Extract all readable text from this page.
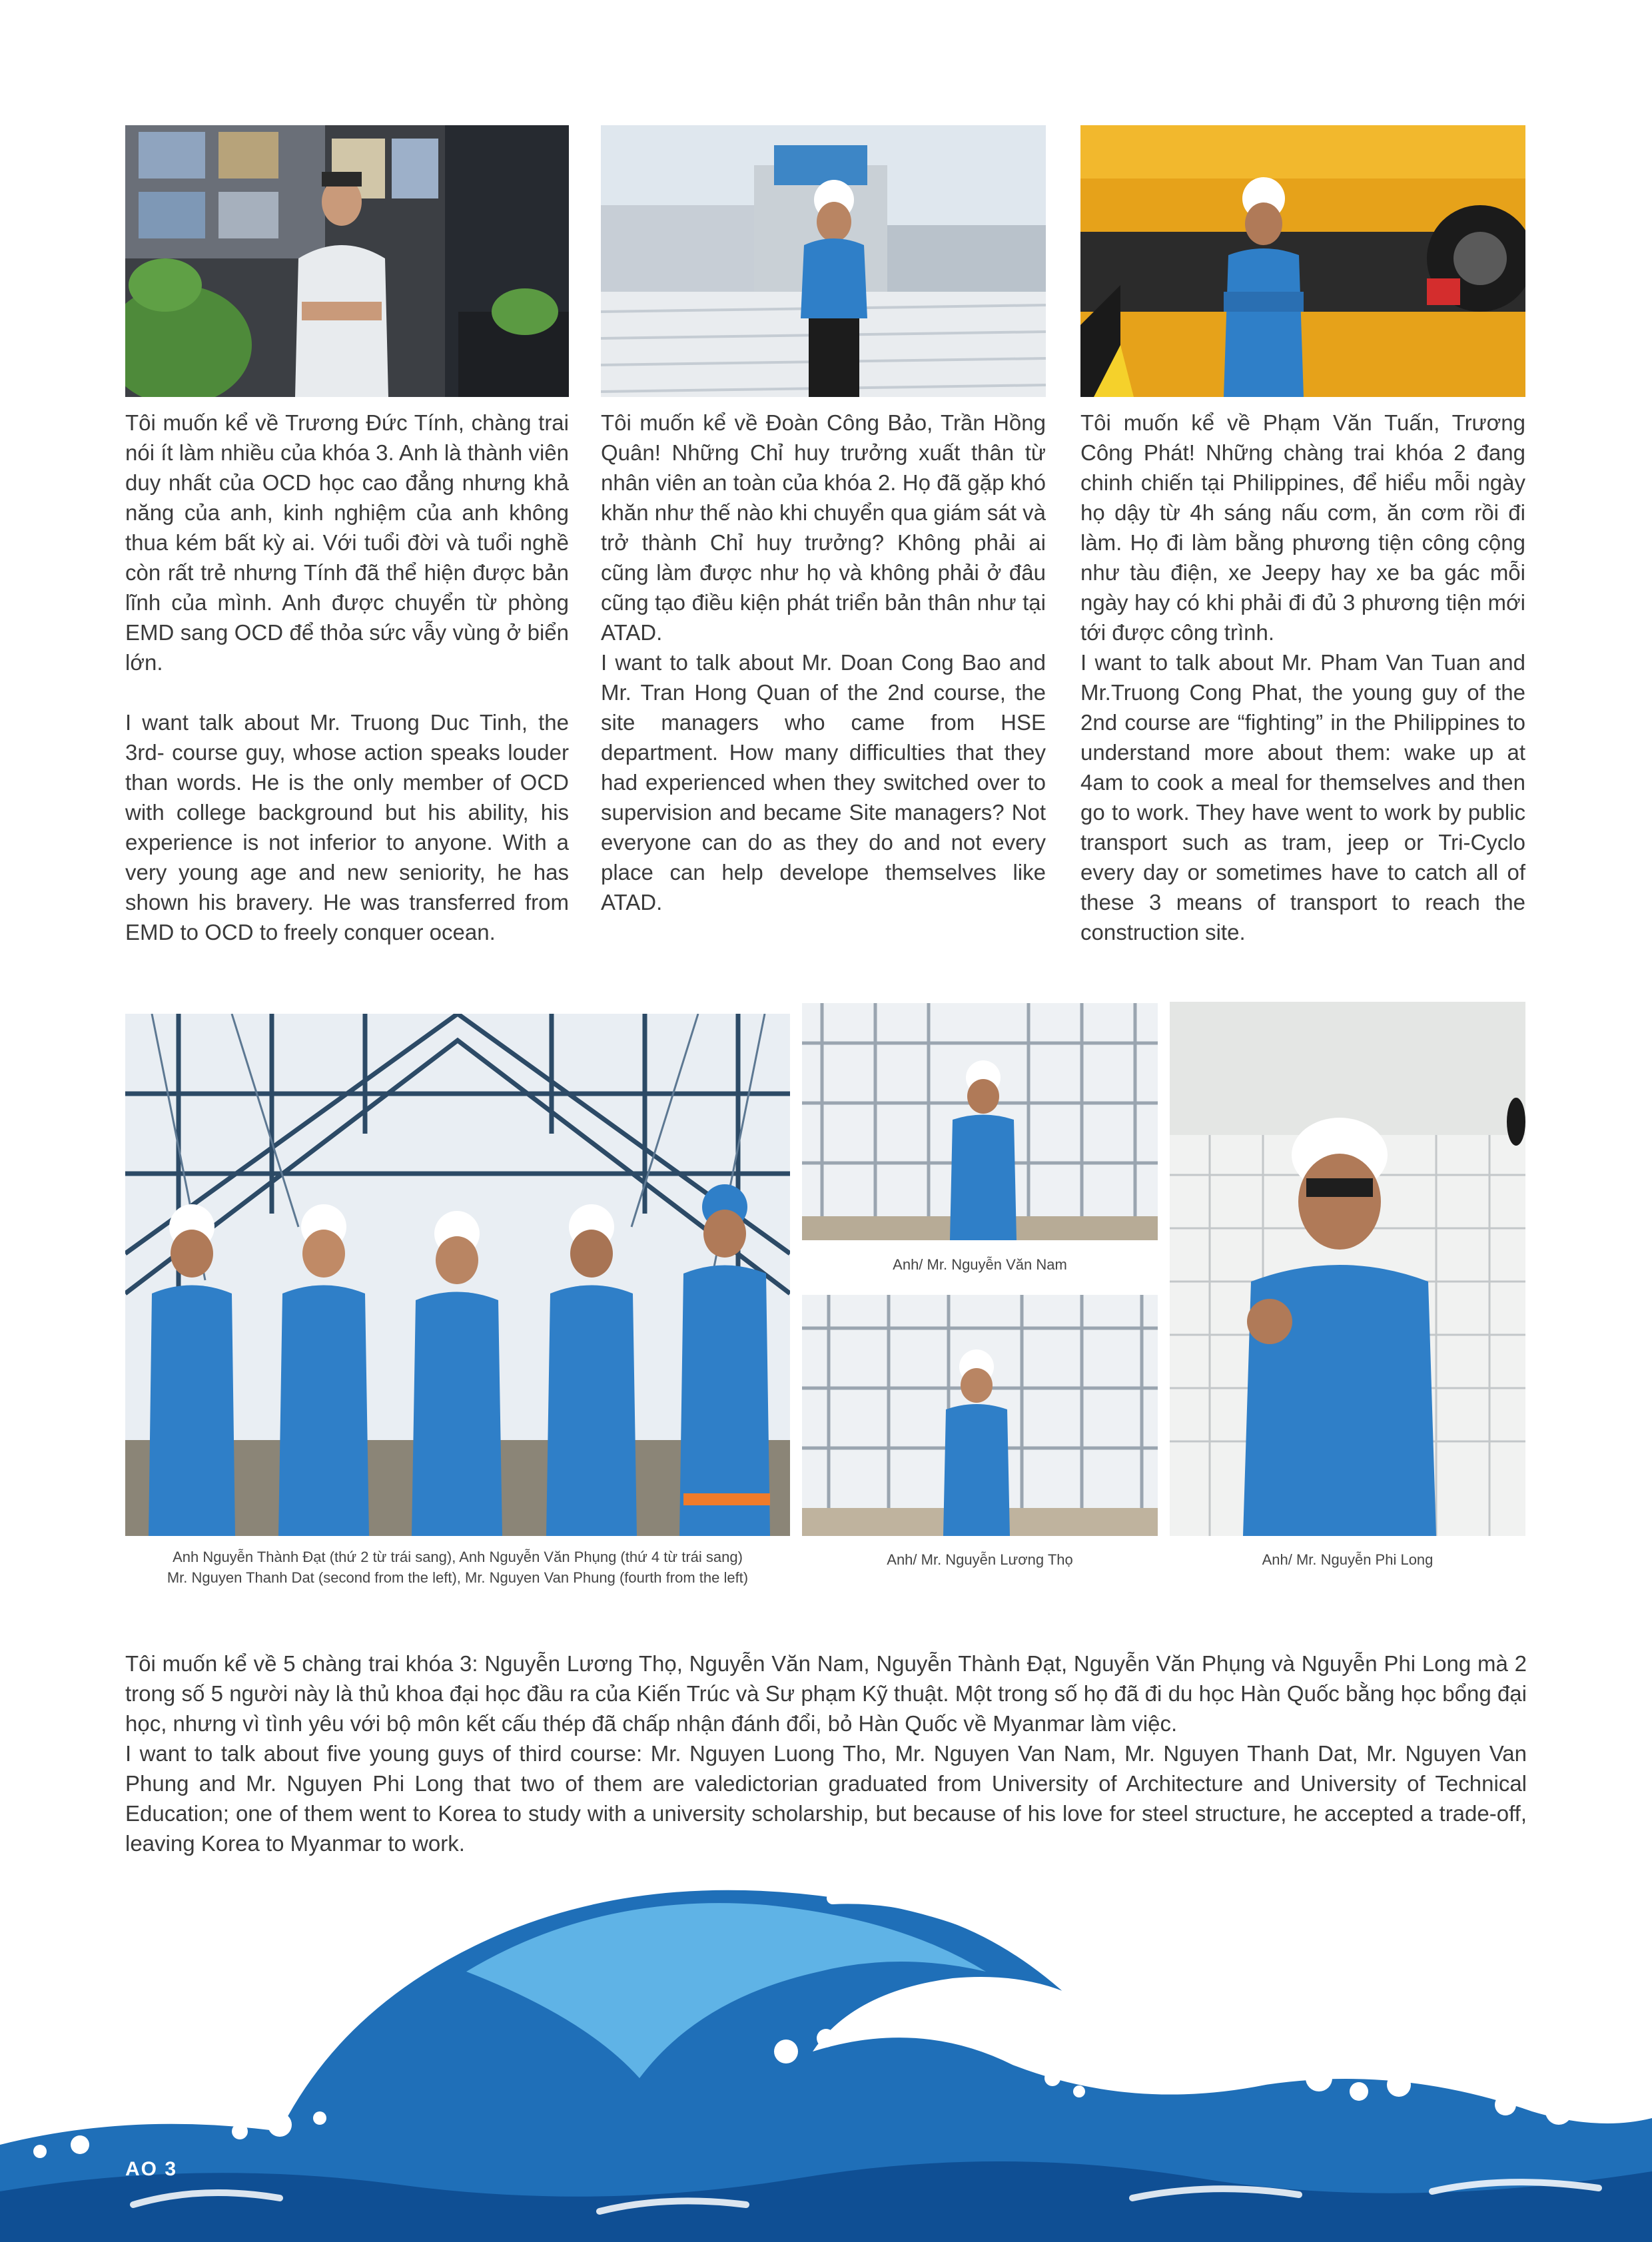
Tôi muốn kể về Trương Đức Tính, chàng trai nói ít làm nhiều của khóa 3. Anh là thành viên duy nhất của OCD học cao đẳng nhưng khả năng của anh, kinh nghiệm của anh không thua kém bất kỳ ai. Với tuổi đời và tuổi nghề còn rất trẻ nhưng Tính đã thể hiện được bản lĩnh của mình. Anh được chuyển từ phòng EMD sang OCD để thỏa sức vẫy vùng ở biển lớn.

I want talk about Mr. Truong Duc Tinh, the 3rd- course guy, whose action speaks louder than words. He is the only member of OCD with college background but his ability, his experience is not inferior to anyone. With a very young age and new seniority, he has shown his bravery. He was transferred from EMD to OCD to freely conquer ocean.

Tôi muốn kể về Đoàn Công Bảo, Trần Hồng Quân! Những Chỉ huy trưởng xuất thân từ nhân viên an toàn của khóa 2. Họ đã gặp khó khăn như thế nào khi chuyển qua giám sát và trở thành Chỉ huy trưởng? Không phải ai cũng làm được như họ và không phải ở đâu cũng tạo điều kiện phát triển bản thân như tại ATAD.

I want to talk about Mr. Doan Cong Bao and Mr. Tran Hong Quan of the 2nd course, the site managers who came from HSE department. How many difficulties that they had experienced when they switched over to supervision and became Site managers? Not everyone can do as they do and not every place can help develope themselves like ATAD.

Tôi muốn kể về Phạm Văn Tuấn, Trương Công Phát! Những chàng trai khóa 2 đang chinh chiến tại Philippines, để hiểu mỗi ngày họ dậy từ 4h sáng nấu cơm, ăn cơm rồi đi làm. Họ đi làm bằng phương tiện công cộng như tàu điện, xe Jeepy hay xe ba gác mỗi ngày hay có khi phải đi đủ 3 phương tiện mới tới được công trình.

I want to talk about Mr. Pham Van Tuan and Mr.Truong Cong Phat, the young guy of the 2nd course are “fighting” in the Philippines to understand more about them: wake up at 4am to cook a meal for themselves and then go to work. They have went to work by public transport such as tram, jeep or Tri-Cyclo every day or sometimes have to catch all of these 3 means of transport to reach the construction site.

Anh Nguyễn Thành Đạt (thứ 2 từ trái sang), Anh Nguyễn Văn Phụng (thứ 4 từ trái sang)
Mr. Nguyen Thanh Dat (second from the left), Mr. Nguyen Van Phung (fourth from the left)
Anh/ Mr. Nguyễn Văn Nam
Anh/ Mr. Nguyễn Lương Thọ	Anh/ Mr. Nguyễn Phi Long

Tôi muốn kể về 5 chàng trai khóa 3: Nguyễn Lương Thọ, Nguyễn Văn Nam, Nguyễn Thành Đạt, Nguyễn Văn Phụng và Nguyễn Phi Long mà 2 trong số 5 người này là thủ khoa đại học đầu ra của Kiến Trúc và Sư phạm Kỹ thuật. Một trong số họ đã đi du học Hàn Quốc bằng học bổng đại học, nhưng vì tình yêu với bộ môn kết cấu thép đã chấp nhận đánh đổi, bỏ Hàn Quốc về Myanmar làm việc.

I want to talk about five young guys of third course: Mr. Nguyen Luong Tho, Mr. Nguyen Van Nam, Mr. Nguyen Thanh Dat, Mr. Nguyen Van Phung and Mr. Nguyen Phi Long that two of them are valedictorian graduated from University of Architecture and University of Technical Education; one of them went to Korea to study with a university scholarship, but because of his love for steel structure, he accepted a trade-off, leaving Korea to Myanmar to work.

AO 3
